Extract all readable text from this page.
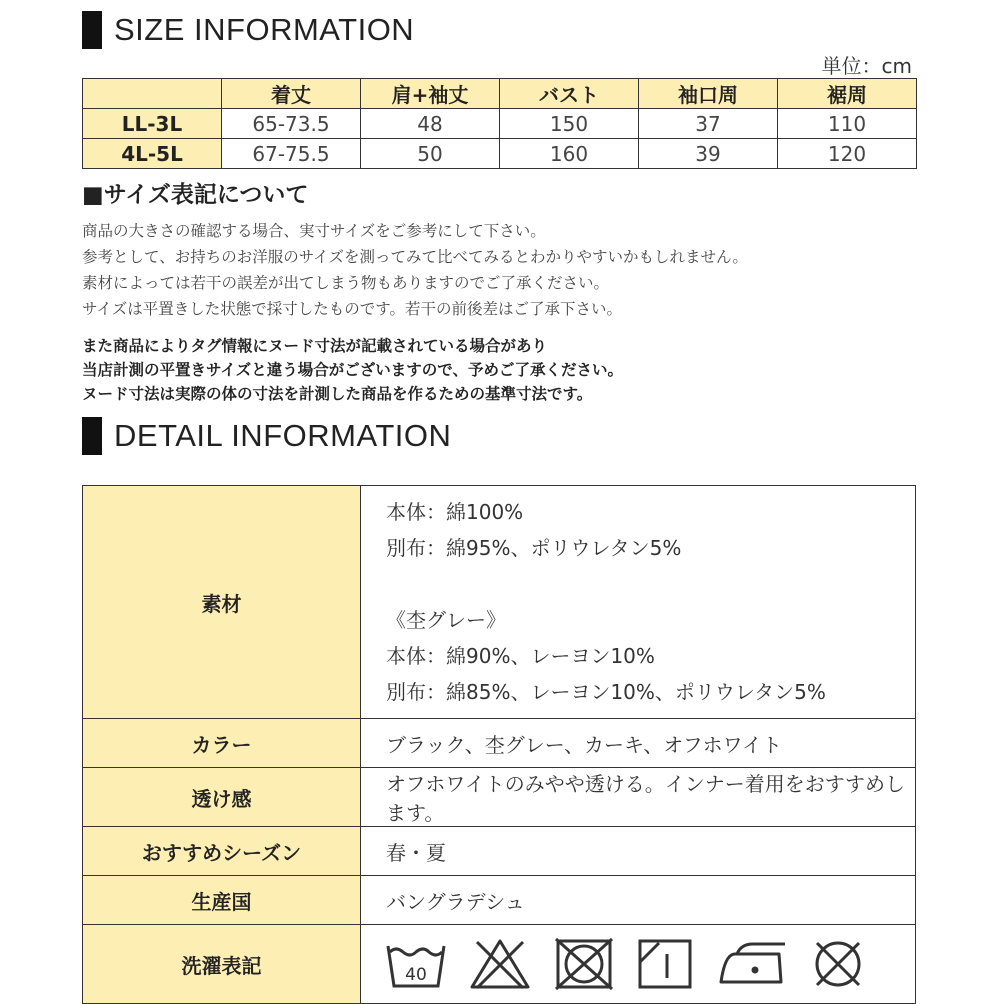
SIZE INFORMATION
単位：cm
	着丈	肩+袖丈	バスト	袖口周	裾周
LL-3L	65-73.5	48	150	37	110
4L-5L	67-75.5	50	160	39	120
■サイズ表記について
商品の大きさの確認する場合、実寸サイズをご参考にして下さい。
参考として、お持ちのお洋服のサイズを測ってみて比べてみるとわかりやすいかもしれません。
素材によっては若干の誤差が出てしまう物もありますのでご了承ください。
サイズは平置きした状態で採寸したものです。若干の前後差はご了承下さい。
また商品によりタグ情報にヌード寸法が記載されている場合があり
当店計測の平置きサイズと違う場合がございますので、予めご了承ください。
ヌード寸法は実際の体の寸法を計測した商品を作るための基準寸法です。
DETAIL INFORMATION
素材	本体：綿100%
別布：綿95%、ポリウレタン5%
《杢グレー》
本体：綿90%、レーヨン10%
別布：綿85%、レーヨン10%、ポリウレタン5%

カラー	ブラック、杢グレー、カーキ、オフホワイト
透け感	オフホワイトのみやや透ける。インナー着用をおすすめします。
おすすめシーズン	春・夏
生産国	バングラデシュ
洗濯表記	40
